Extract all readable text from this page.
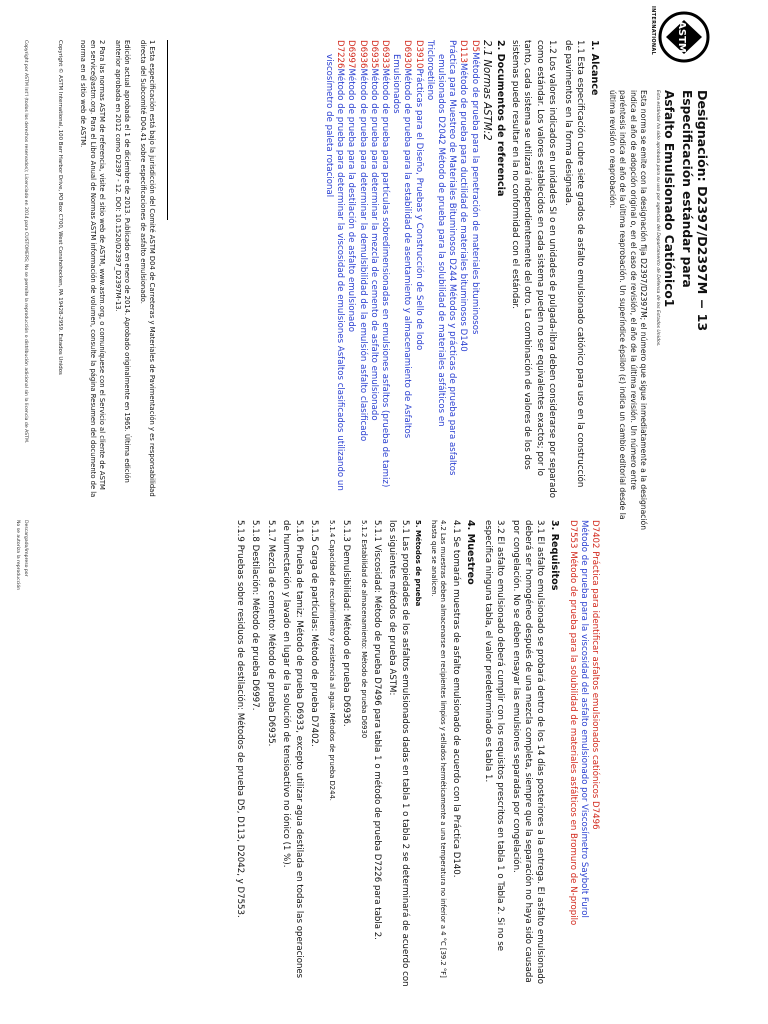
ASTM
INTERNATIONAL
Designación: D2397/D2397M − 13
Especificación estándar para
Asfalto Emulsionado Catiónico1
Esta estándar ha sido aprobada para su uso por agencias del Departamento de Defensa de los Estados Unidos.

Esta norma se emite con la designación fija D2397/D2397M; el número que sigue inmediatamente a la designación indica el año de adopción original o, en el caso de revisión, el año de la última revisión. Un número entre paréntesis indica el año de la última reaprobación. Un superíndice épsilon (ɛ) indica un cambio editorial desde la última revisión o reaprobación.

1. Alcance

1.1 Esta especificación cubre siete grados de asfalto emulsionado catiónico para uso en la construcción de pavimentos en la forma designada.

1.2 Los valores indicados en unidades SI o en unidades de pulgada-libra deben considerarse por separado como estándar. Los valores establecidos en cada sistema pueden no ser equivalentes exactos; por lo tanto, cada sistema se utilizará independientemente del otro. La combinación de valores de los dos sistemas puede resultar en la no conformidad con el estándar.

2. Documentos de referencia

2.1 Normas ASTM:2

D5Método de prueba para la penetración de materiales bituminosos

D113Método de prueba para ductilidad de materiales bituminosos D140

Práctica para Muestreo de Materiales Bituminosos D244 Métodos y prácticas de prueba para asfaltos emulsionados D2042 Método de prueba para la solubilidad de materiales asfálticos en

Tricloroetileno

D3910Prácticas para el Diseño, Pruebas y Construcción de Sello de lodo

D6930Método de prueba para la estabilidad de asentamiento y almacenamiento de Asfaltos Emulsionados

D6933Método de prueba para partículas sobredimensionadas en emulsiones asfaltos (prueba de tamiz)

D6935Método de prueba para determinar la mezcla de cemento de asfalto emulsionado

D6936Método de prueba para determinar la demulsibilidad de la emulsión asfalto clasificado

D6997Método de prueba para la destilación de asfalto emulsionado

D7226Método de prueba para determinar la viscosidad de emulsiones Asfaltos clasificados utilizando un viscosímetro de paleta rotacional

1 Esta especificación está bajo la jurisdicción del Comité ASTM D04 de Carreteras y Materiales de Pavimentación y es responsabilidad directa del Subcomité D04.41 sobre especificaciones de asfalto emulsionado.

Edición actual aprobada el 1 de diciembre de 2013. Publicado en enero de 2014. Aprobado originalmente en 1965. Última edición anterior aprobada en 2012 como D2397 - 12. DOI: 10.1520/D2397_D2397M-13.

2 Para las normas ASTM de referencia, visite el sitio web de ASTM, www.astm.org, o comuníquese con el Servicio al cliente de ASTM en service@astm.org. Para el Libro Anual de Normas ASTM información de volumen, consulte la página Resumen del documento de la norma en el sitio web de ASTM.

Copyright © ASTM International, 100 Barr Harbor Drive, PO Box C700, West Conshohocken, PA 19428-2959. Estados Unidos

Copyright por ASTM Int'l (todos los derechos reservados); Licenciado en 2014 para CUSTOMERS; No se permite la reproducción o distribución adicional sin la licencia de ASTM.

D7402 Práctica para identificar asfaltos emulsionados catiónicos D7496

Método de prueba para la viscosidad del asfalto emulsionado por Viscosímetro Saybolt Furol

D7553 Método de prueba para la solubilidad de materiales asfálticos en Bromuro de N-propilo

3. Requisitos

3.1 El asfalto emulsionado se probará dentro de los 14 días posteriores a la entrega. El asfalto emulsionado deberá ser homogéneo después de una mezcla completa, siempre que la separación no haya sido causada por congelación. No se deben ensayar las emulsiones separadas por congelación.

3.2 El asfalto emulsionado deberá cumplir con los requisitos prescritos en tabla 1 o Tabla 2. Si no se especifica ninguna tabla, el valor predeterminado es tabla 1.

4. Muestreo

4.1 Se tomarán muestras de asfalto emulsionado de acuerdo con la Práctica D140.

4.2 Las muestras deben almacenarse en recipientes limpios y sellados herméticamente a una temperatura no inferior a 4 °C [39.2 °F] hasta que se analicen.

5. Métodos de prueba

5.1 Las propiedades de los asfaltos emulsionados dadas en tabla 1 o tabla 2 se determinará de acuerdo con los siguientes métodos de prueba ASTM:

5.1.1 Viscosidad: Método de prueba D7496 para tabla 1 o método de prueba D7226 para tabla 2.

5.1.2 Estabilidad de almacenamiento: Método de prueba D6930

5.1.3 Demulsibilidad: Método de prueba D6936.

5.1.4 Capacidad de recubrimiento y resistencia al agua: Métodos de prueba D244.

5.1.5 Carga de partículas: Método de prueba D7402.

5.1.6 Prueba de tamiz: Método de prueba D6933, excepto utilizar agua destilada en todas las operaciones de humectación y lavado en lugar de la solución de tensioactivo no iónico (1 %).

5.1.7 Mezcla de cemento: Método de prueba D6935.

5.1.8 Destilación: Método de prueba D6997.

5.1.9 Pruebas sobre residuos de destilación: Métodos de prueba D5, D113, D2042, y D7553.

Descargado/impreso por
No se autoriza la reproducción
